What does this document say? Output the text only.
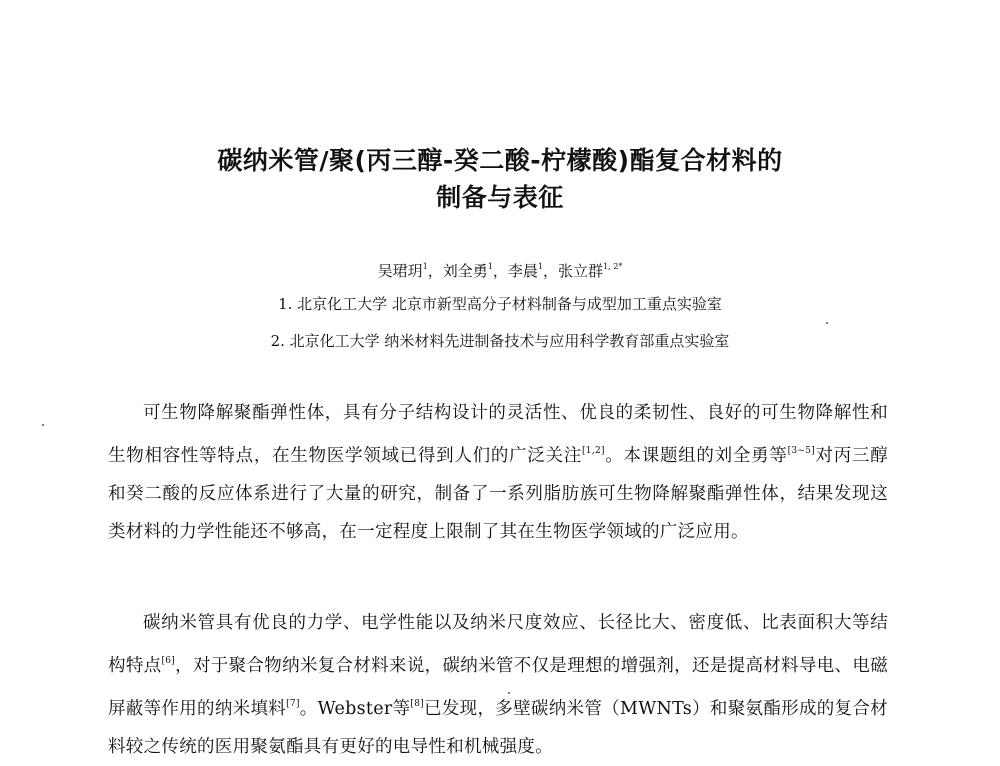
碳纳米管/聚(丙三醇-癸二酸-柠檬酸)酯复合材料的
制备与表征
吴珺玥$^1$，刘全勇$^1$，李晨$^1$，张立群$^{1, 2*}$
1. 北京化工大学 北京市新型高分子材料制备与成型加工重点实验室
2. 北京化工大学 纳米材料先进制备技术与应用科学教育部重点实验室

可生物降解聚酯弹性体，具有分子结构设计的灵活性、优良的柔韧性、良好的可生物降解性和生物相容性等特点，在生物医学领域已得到人们的广泛关注[1,2]。本课题组的刘全勇等[3~5]对丙三醇和癸二酸的反应体系进行了大量的研究，制备了一系列脂肪族可生物降解聚酯弹性体，结果发现这类材料的力学性能还不够高，在一定程度上限制了其在生物医学领域的广泛应用。

碳纳米管具有优良的力学、电学性能以及纳米尺度效应、长径比大、密度低、比表面积大等结构特点[6]，对于聚合物纳米复合材料来说，碳纳米管不仅是理想的增强剂，还是提高材料导电、电磁屏蔽等作用的纳米填料[7]。Webster等[8]已发现，多壁碳纳米管（MWNTs）和聚氨酯形成的复合材料较之传统的医用聚氨酯具有更好的电导性和机械强度。
